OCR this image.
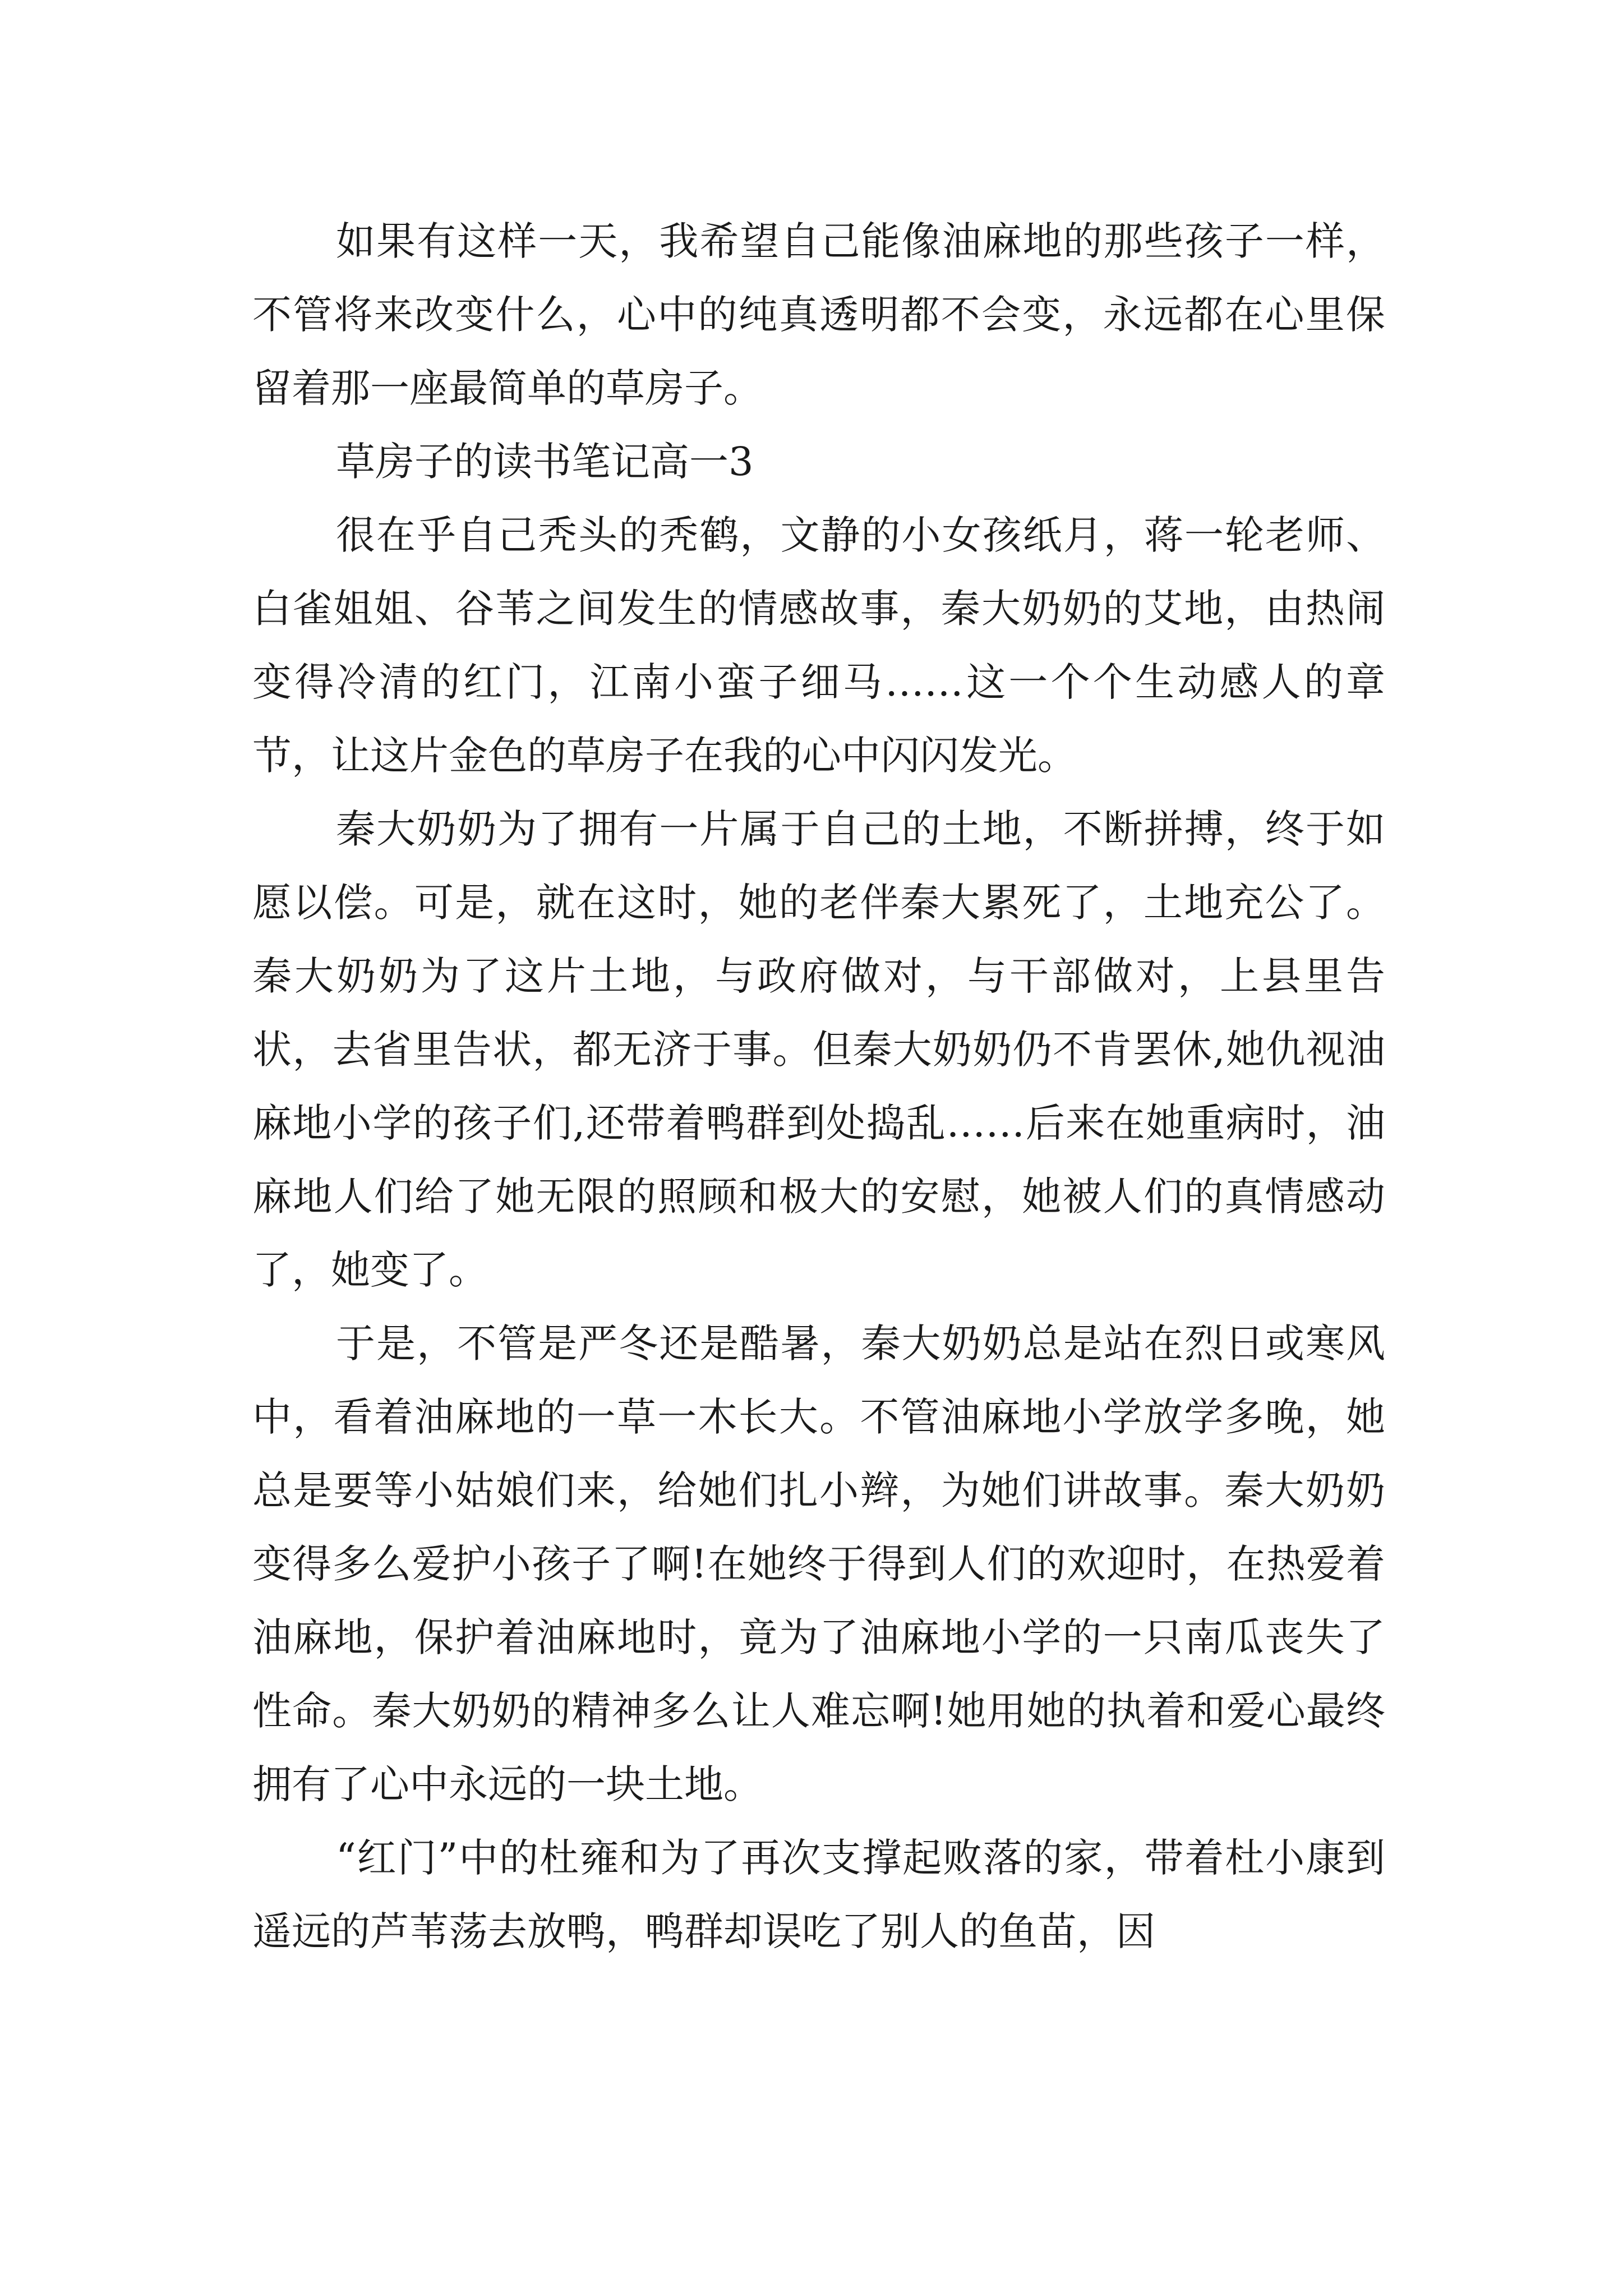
如果有这样一天，我希望自己能像油麻地的那些孩子一样，不管将来改变什么，心中的纯真透明都不会变，永远都在心里保留着那一座最简单的草房子。

草房子的读书笔记高一3

很在乎自己秃头的秃鹤，文静的小女孩纸月，蒋一轮老师、白雀姐姐、谷苇之间发生的情感故事，秦大奶奶的艾地，由热闹变得冷清的红门，江南小蛮子细马……这一个个生动感人的章节，让这片金色的草房子在我的心中闪闪发光。

秦大奶奶为了拥有一片属于自己的土地，不断拼搏，终于如愿以偿。可是，就在这时，她的老伴秦大累死了，土地充公了。秦大奶奶为了这片土地，与政府做对，与干部做对，上县里告状，去省里告状，都无济于事。但秦大奶奶仍不肯罢休,她仇视油麻地小学的孩子们,还带着鸭群到处捣乱……后来在她重病时，油麻地人们给了她无限的照顾和极大的安慰，她被人们的真情感动了，她变了。

于是，不管是严冬还是酷暑，秦大奶奶总是站在烈日或寒风中，看着油麻地的一草一木长大。不管油麻地小学放学多晚，她总是要等小姑娘们来，给她们扎小辫，为她们讲故事。秦大奶奶变得多么爱护小孩子了啊!在她终于得到人们的欢迎时，在热爱着油麻地，保护着油麻地时，竟为了油麻地小学的一只南瓜丧失了性命。秦大奶奶的精神多么让人难忘啊!她用她的执着和爱心最终拥有了心中永远的一块土地。

“红门”中的杜雍和为了再次支撑起败落的家，带着杜小康到遥远的芦苇荡去放鸭，鸭群却误吃了别人的鱼苗，因
